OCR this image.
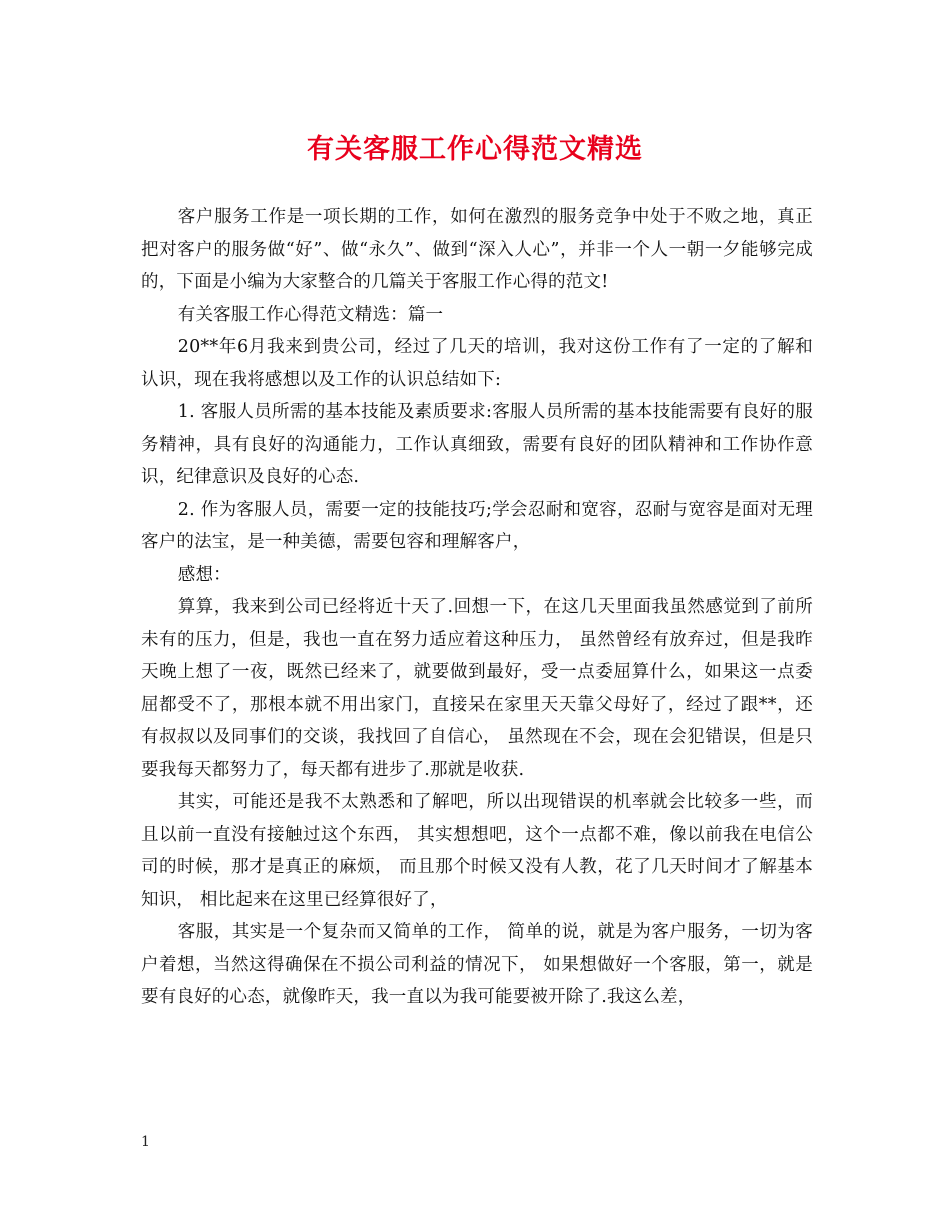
有关客服工作心得范文精选

客户服务工作是一项长期的工作，如何在激烈的服务竞争中处于不败之地，真正把对客户的服务做“好”、做“永久”、做到“深入人心”，并非一个人一朝一夕能够完成的，下面是小编为大家整合的几篇关于客服工作心得的范文!

有关客服工作心得范文精选：篇一

20**年6月我来到贵公司，经过了几天的培训，我对这份工作有了一定的了解和认识，现在我将感想以及工作的认识总结如下:

1. 客服人员所需的基本技能及素质要求:客服人员所需的基本技能需要有良好的服务精神，具有良好的沟通能力，工作认真细致，需要有良好的团队精神和工作协作意识，纪律意识及良好的心态.

2. 作为客服人员，需要一定的技能技巧;学会忍耐和宽容，忍耐与宽容是面对无理客户的法宝，是一种美德，需要包容和理解客户，

感想：

算算，我来到公司已经将近十天了.回想一下，在这几天里面我虽然感觉到了前所未有的压力，但是，我也一直在努力适应着这种压力， 虽然曾经有放弃过，但是我昨天晚上想了一夜，既然已经来了，就要做到最好，受一点委屈算什么，如果这一点委屈都受不了，那根本就不用出家门，直接呆在家里天天靠父母好了，经过了跟**，还有叔叔以及同事们的交谈，我找回了自信心， 虽然现在不会，现在会犯错误，但是只要我每天都努力了，每天都有进步了.那就是收获.

其实，可能还是我不太熟悉和了解吧，所以出现错误的机率就会比较多一些，而且以前一直没有接触过这个东西， 其实想想吧，这个一点都不难，像以前我在电信公司的时候，那才是真正的麻烦， 而且那个时候又没有人教，花了几天时间才了解基本知识， 相比起来在这里已经算很好了，

客服，其实是一个复杂而又简单的工作， 简单的说，就是为客户服务，一切为客户着想，当然这得确保在不损公司利益的情况下， 如果想做好一个客服，第一，就是要有良好的心态，就像昨天，我一直以为我可能要被开除了.我这么差，

1
